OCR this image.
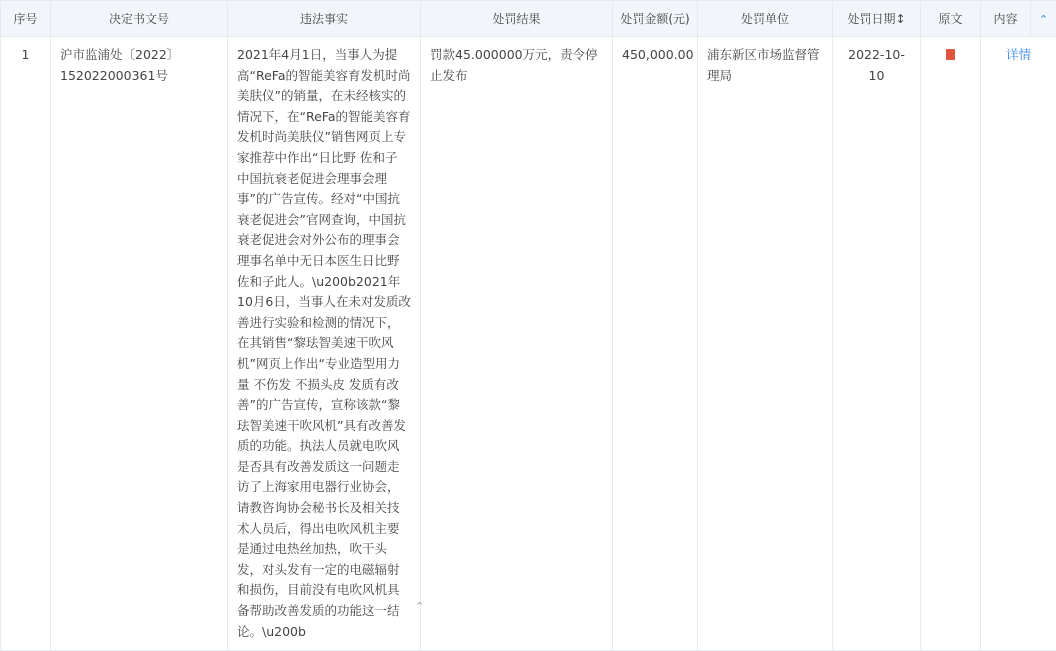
序号	决定书文号	违法事实	处罚结果	处罚金额(元)	处罚单位	处罚日期↕	原文	内容	⌃
1	沪市监浦处〔2022〕152022000361号	2021年4月1日，当事人为提高“ReFa的智能美容育发机时尚美肤仪”的销量，在未经核实的情况下，在“ReFa的智能美容育发机时尚美肤仪”销售网页上专家推荐中作出“日比野 佐和子 中国抗衰老促进会理事会理事”的广告宣传。经对“中国抗衰老促进会”官网查询，中国抗衰老促进会对外公布的理事会理事名单中无日本医生日比野 佐和子此人。\u200b2021年10月6日，当事人在未对发质改善进行实验和检测的情况下，在其销售“黎珐智美速干吹风机”网页上作出“专业造型用力量 不伤发 不损头皮 发质有改善”的广告宣传，宣称该款“黎珐智美速干吹风机”具有改善发质的功能。执法人员就电吹风是否具有改善发质这一问题走访了上海家用电器行业协会，请教咨询协会秘书长及相关技术人员后，得出电吹风机主要是通过电热丝加热，吹干头发，对头发有一定的电磁辐射和损伤，目前没有电吹风机具备帮助改善发质的功能这一结论。\u200b	罚款45.000000万元，责令停止发布	450,000.00	浦东新区市场监督管理局	2022-10-10		详情
⌃
